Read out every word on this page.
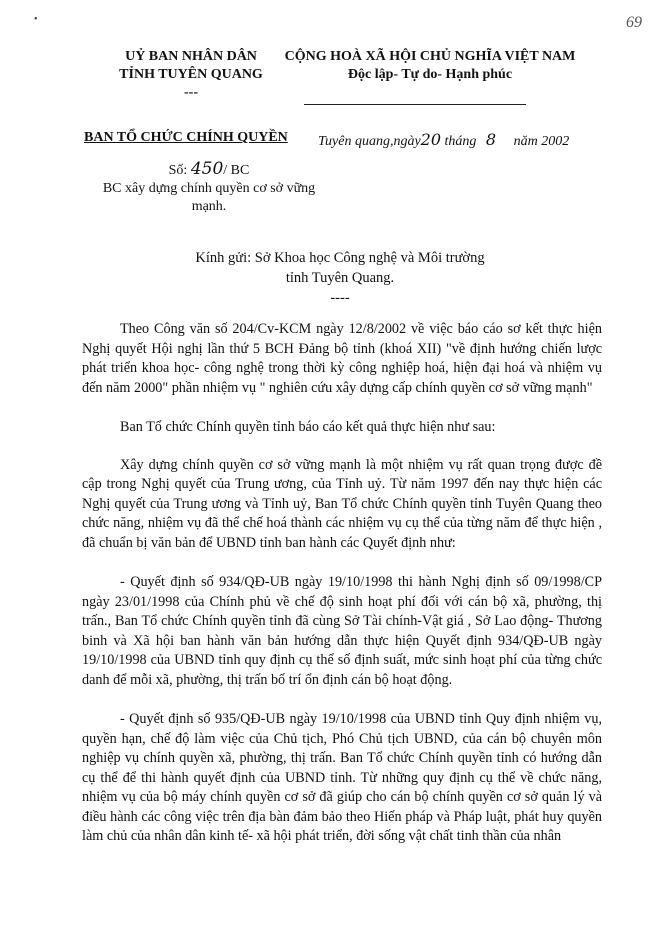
•	69
UỶ BAN NHÂN DÂN
TỈNH TUYÊN QUANG
---
CỘNG HOÀ XÃ HỘI CHỦ NGHĨA VIỆT NAM
Độc lập- Tự do- Hạnh phúc
BAN TỔ CHỨC CHÍNH QUYỀN Tuyên quang,ngày20 tháng 8 năm 2002
Số: 450/ BC
BC xây dựng chính quyền cơ sở vững mạnh.
Kính gửi: Sở Khoa học Công nghệ và Môi trường
tỉnh Tuyên Quang.
----

Theo Công văn số 204/Cv-KCM ngày 12/8/2002 về việc báo cáo sơ kết thực hiện Nghị quyết Hội nghị lần thứ 5 BCH Đảng bộ tỉnh (khoá XII) "về định hướng chiến lược phát triển khoa học- công nghệ trong thời kỳ công nghiệp hoá, hiện đại hoá và nhiệm vụ đến năm 2000" phần nhiệm vụ " nghiên cứu xây dựng cấp chính quyền cơ sở vững mạnh"

Ban Tổ chức Chính quyền tỉnh báo cáo kết quả thực hiện như sau:

Xây dựng chính quyền cơ sở vững mạnh là một nhiệm vụ rất quan trọng được đề cập trong Nghị quyết của Trung ương, của Tỉnh uỷ. Từ năm 1997 đến nay thực hiện các Nghị quyết của Trung ương và Tỉnh uỷ, Ban Tổ chức Chính quyền tỉnh Tuyên Quang theo chức năng, nhiệm vụ đã thể chế hoá thành các nhiệm vụ cụ thể của từng năm để thực hiện , đã chuẩn bị văn bản để UBND tỉnh ban hành các Quyết định như:

- Quyết định số 934/QĐ-UB ngày 19/10/1998 thi hành Nghị định số 09/1998/CP ngày 23/01/1998 của Chính phủ về chế độ sinh hoạt phí đối với cán bộ xã, phường, thị trấn., Ban Tổ chức Chính quyền tỉnh đã cùng Sở Tài chính-Vật giá , Sở Lao động- Thương binh và Xã hội ban hành văn bản hướng dẫn thực hiện Quyết định 934/QĐ-UB ngày 19/10/1998 của UBND tỉnh quy định cụ thể số định suất, mức sinh hoạt phí của từng chức danh để mỗi xã, phường, thị trấn bố trí ổn định cán bộ hoạt động.

- Quyết định số 935/QĐ-UB ngày 19/10/1998 của UBND tỉnh Quy định nhiệm vụ, quyền hạn, chế độ làm việc của Chủ tịch, Phó Chủ tịch UBND, của cán bộ chuyên môn nghiệp vụ chính quyền xã, phường, thị trấn. Ban Tổ chức Chính quyền tỉnh có hướng dẫn cụ thể để thi hành quyết định của UBND tỉnh. Từ những quy định cụ thể về chức năng, nhiệm vụ của bộ máy chính quyền cơ sở đã giúp cho cán bộ chính quyền cơ sở quản lý và điều hành các công việc trên địa bàn đảm bảo theo Hiến pháp và Pháp luật, phát huy quyền làm chủ của nhân dân kinh tế- xã hội phát triển, đời sống vật chất tinh thần của nhân
